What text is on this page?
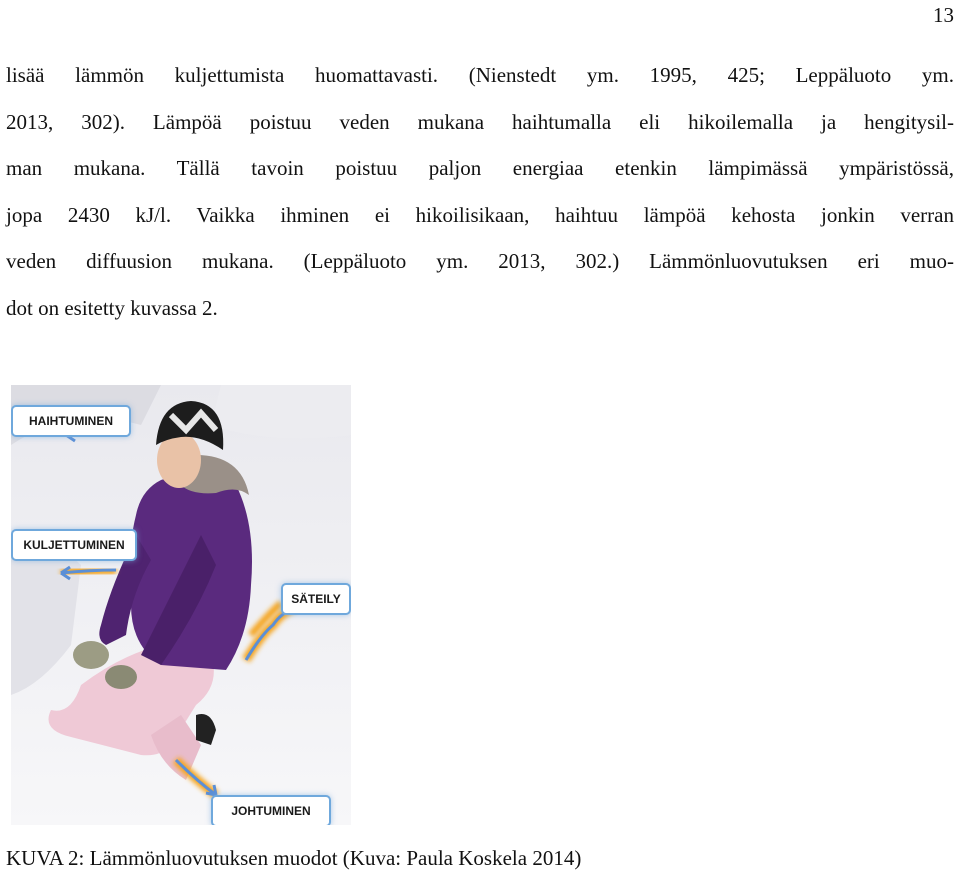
13
lisää lämmön kuljettumista huomattavasti. (Nienstedt ym. 1995, 425; Leppäluoto ym.
2013, 302). Lämpöä poistuu veden mukana haihtumalla eli hikoilemalla ja hengitysil-
man mukana. Tällä tavoin poistuu paljon energiaa etenkin lämpimässä ympäristössä,
jopa 2430 kJ/l. Vaikka ihminen ei hikoilisikaan, haihtuu lämpöä kehosta jonkin verran
veden diffuusion mukana. (Leppäluoto ym. 2013, 302.) Lämmönluovutuksen eri muo-
dot on esitetty kuvassa 2.
HAIHTUMINEN
KULJETTUMINEN
SÄTEILY
JOHTUMINEN

KUVA 2: Lämmönluovutuksen muodot (Kuva: Paula Koskela 2014)
